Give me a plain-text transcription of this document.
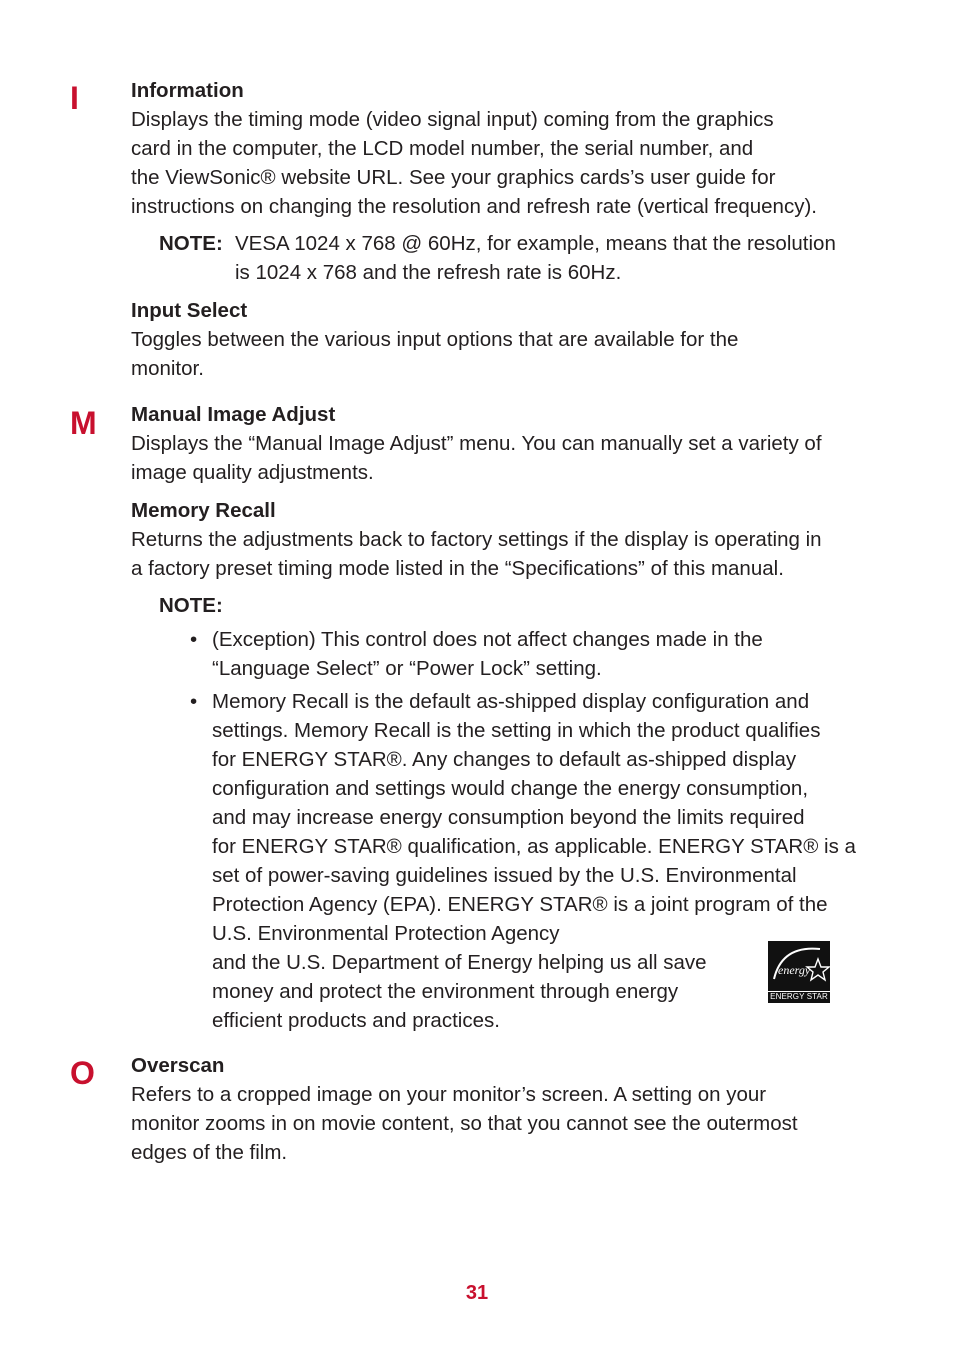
I	Information

Displays the timing mode (video signal input) coming from the graphics

card in the computer, the LCD model number, the serial number, and

the ViewSonic® website URL. See your graphics cards’s user guide for

instructions on changing the resolution and refresh rate (vertical frequency).

NOTE: VESA 1024 x 768 @ 60Hz, for example, means that the resolution
is 1024 x 768 and the refresh rate is 60Hz.

Input Select

Toggles between the various input options that are available for the

monitor.

M	Manual Image Adjust

Displays the “Manual Image Adjust” menu. You can manually set a variety of

image quality adjustments.

Memory Recall

Returns the adjustments back to factory settings if the display is operating in

a factory preset timing mode listed in the “Specifications” of this manual.

NOTE:
• (Exception) This control does not affect changes made in the
“Language Select” or “Power Lock” setting.
• Memory Recall is the default as-shipped display configuration and
settings. Memory Recall is the setting in which the product qualifies
for ENERGY STAR®. Any changes to default as-shipped display
configuration and settings would change the energy consumption,
and may increase energy consumption beyond the limits required
for ENERGY STAR® qualification, as applicable. ENERGY STAR® is a
set of power-saving guidelines issued by the U.S. Environmental
Protection Agency (EPA). ENERGY STAR® is a joint program of the
U.S. Environmental Protection Agency
and the U.S. Department of Energy helping us all save
money and protect the environment through energy
efficient products and practices.
energy
ENERGY STAR
O	Overscan

Refers to a cropped image on your monitor’s screen. A setting on your

monitor zooms in on movie content, so that you cannot see the outermost

edges of the film.

31
